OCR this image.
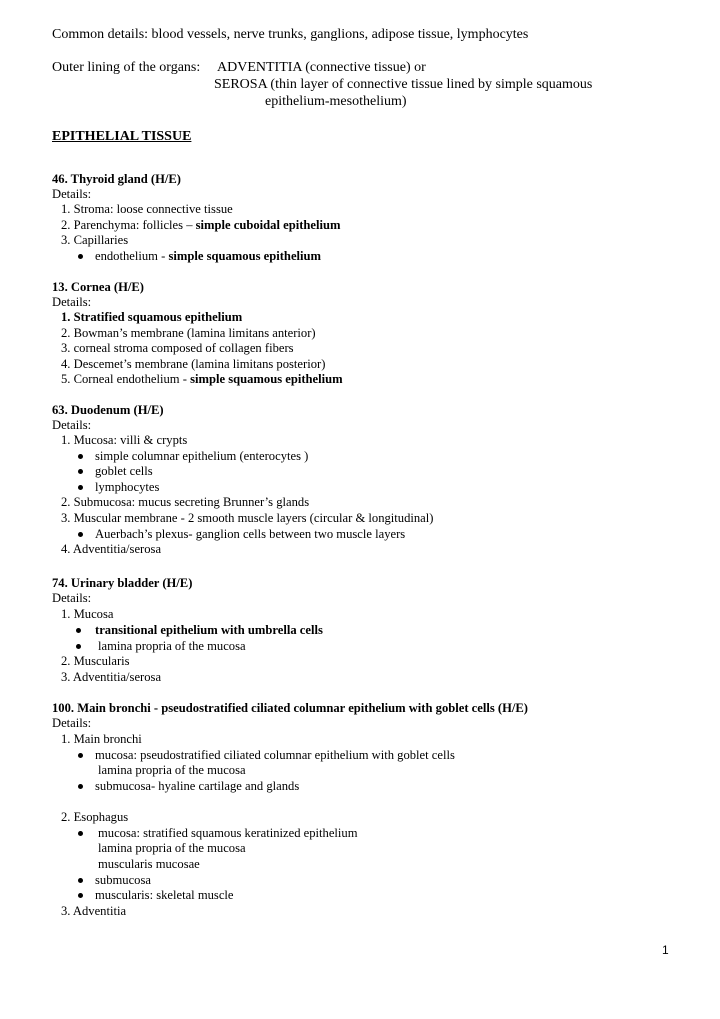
Common details: blood vessels, nerve trunks, ganglions, adipose tissue, lymphocytes
Outer lining of the organs: ADVENTITIA (connective tissue) or
SEROSA (thin layer of connective tissue lined by simple squamous
epithelium-mesothelium)
EPITHELIAL TISSUE
46. Thyroid gland (H/E)
Details:
1. Stroma: loose connective tissue
2. Parenchyma: follicles – simple cuboidal epithelium
3. Capillaries
endothelium - simple squamous epithelium
13. Cornea (H/E)
Details:
1. Stratified squamous epithelium
2. Bowman’s membrane (lamina limitans anterior)
3. corneal stroma composed of collagen fibers
4. Descemet’s membrane (lamina limitans posterior)
5. Corneal endothelium - simple squamous epithelium
63. Duodenum (H/E)
Details:
1. Mucosa: villi & crypts
simple columnar epithelium (enterocytes )
goblet cells
lymphocytes
2. Submucosa: mucus secreting Brunner’s glands
3. Muscular membrane - 2 smooth muscle layers (circular & longitudinal)
Auerbach’s plexus- ganglion cells between two muscle layers
4. Adventitia/serosa
74. Urinary bladder (H/E)
Details:
1. Mucosa
transitional epithelium with umbrella cells
lamina propria of the mucosa
2. Muscularis
3. Adventitia/serosa
100. Main bronchi - pseudostratified ciliated columnar epithelium with goblet cells (H/E)
Details:
1. Main bronchi
mucosa: pseudostratified ciliated columnar epithelium with goblet cells
lamina propria of the mucosa
submucosa- hyaline cartilage and glands
2. Esophagus
mucosa: stratified squamous keratinized epithelium
lamina propria of the mucosa
muscularis mucosae
submucosa
muscularis: skeletal muscle
3. Adventitia
1
